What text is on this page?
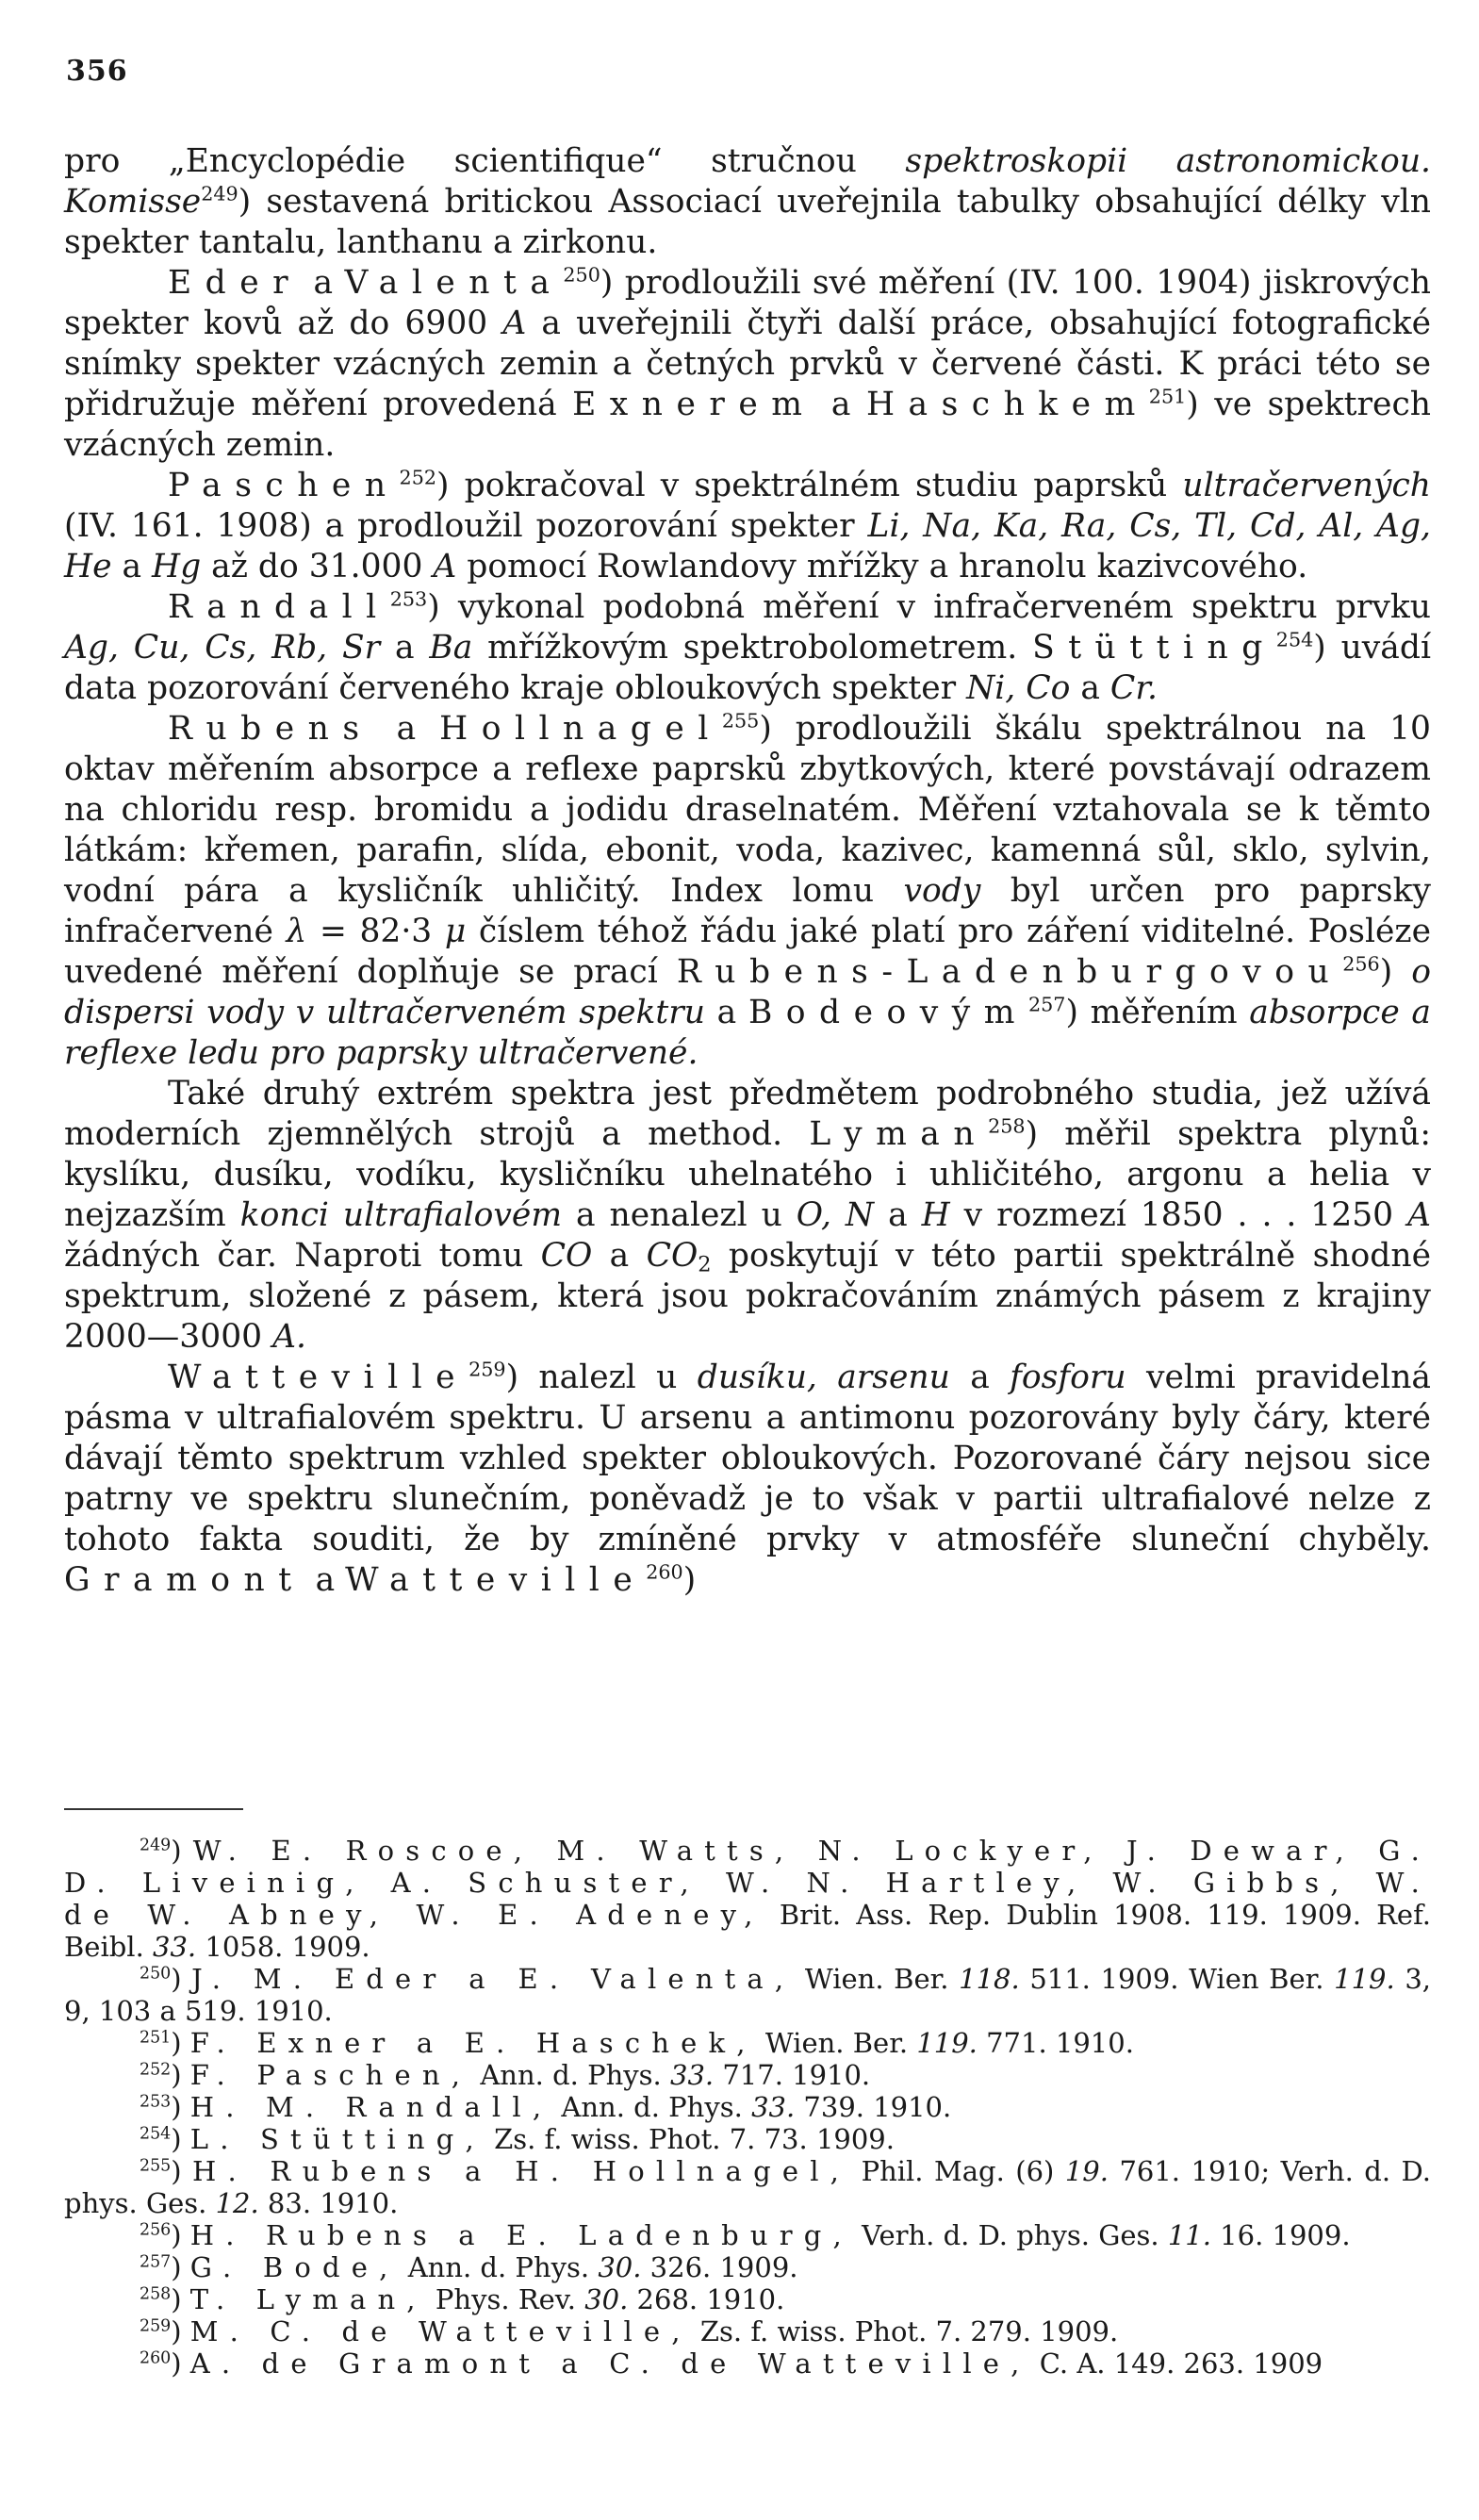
356

pro „Encyclopédie scientifique“ stručnou spektroskopii astronomickou. Komisse$^{249}$) sestavená britickou Associací uveřejnila tabulky obsahující délky vln spekter tantalu, lanthanu a zirkonu.

Eder a Valenta$^{250}$) prodloužili své měření (IV. 100. 1904) jiskrových spekter kovů až do 6900 A a uveřejnili čtyři další práce, obsahující fotografické snímky spekter vzácných zemin a četných prvků v červené části. K práci této se přidružuje měření provedená Exnerem a Haschkem$^{251}$) ve spektrech vzácných zemin.

Paschen$^{252}$) pokračoval v spektrálném studiu paprsků ultračervených (IV. 161. 1908) a prodloužil pozorování spekter Li, Na, Ka, Ra, Cs, Tl, Cd, Al, Ag, He a Hg až do 31.000 A pomocí Rowlandovy mřížky a hranolu kazivcového.

Randall$^{253}$) vykonal podobná měření v infračerveném spektru prvku Ag, Cu, Cs, Rb, Sr a Ba mřížkovým spektrobolometrem. Stütting$^{254}$) uvádí data pozorování červeného kraje obloukových spekter Ni, Co a Cr.

Rubens a Hollnagel$^{255}$) prodloužili škálu spektrálnou na 10 oktav měřením absorpce a reflexe paprsků zbytkových, které povstávají odrazem na chloridu resp. bromidu a jodidu draselnatém. Měření vztahovala se k těmto látkám: křemen, parafin, slída, ebonit, voda, kazivec, kamenná sůl, sklo, sylvin, vodní pára a kysličník uhličitý. Index lomu vody byl určen pro paprsky infračervené λ = 82·3 μ číslem téhož řádu jaké platí pro záření viditelné. Posléze uvedené měření doplňuje se prací Rubens-Ladenburgovou$^{256}$) o dispersi vody v ultračerveném spektru a Bodeovým$^{257}$) měřením absorpce a reflexe ledu pro paprsky ultračervené.

Také druhý extrém spektra jest předmětem podrobného studia, jež užívá moderních zjemnělých strojů a method. Lyman$^{258}$) měřil spektra plynů: kyslíku, dusíku, vodíku, kysličníku uhelnatého i uhličitého, argonu a helia v nejzazším konci ultrafialovém a nenalezl u O, N a H v rozmezí 1850 . . . 1250 A žádných čar. Naproti tomu CO a $CO_2$ poskytují v této partii spektrálně shodné spektrum, složené z pásem, která jsou pokračováním známých pásem z krajiny 2000—3000 A.

Watteville$^{259}$) nalezl u dusíku, arsenu a fosforu velmi pravidelná pásma v ultrafialovém spektru. U arsenu a antimonu pozorovány byly čáry, které dávají těmto spektrum vzhled spekter obloukových. Pozorované čáry nejsou sice patrny ve spektru slunečním, poněvadž je to však v partii ultrafialové nelze z tohoto fakta souditi, že by zmíněné prvky v atmosféře sluneční chyběly. Gramont a Watteville$^{260}$)

$^{249}$) W. E. Roscoe, M. Watts, N. Lockyer, J. Dewar, G. D. Liveinig, A. Schuster, W. N. Hartley, W. Gibbs, W. de W. Abney, W. E. Adeney, Brit. Ass. Rep. Dublin 1908. 119. 1909. Ref. Beibl. 33. 1058. 1909.

$^{250}$) J. M. Eder a E. Valenta, Wien. Ber. 118. 511. 1909. Wien Ber. 119. 3, 9, 103 a 519. 1910.

$^{251}$) F. Exner a E. Haschek, Wien. Ber. 119. 771. 1910.

$^{252}$) F. Paschen, Ann. d. Phys. 33. 717. 1910.

$^{253}$) H. M. Randall, Ann. d. Phys. 33. 739. 1910.

$^{254}$) L. Stütting, Zs. f. wiss. Phot. 7. 73. 1909.

$^{255}$) H. Rubens a H. Hollnagel, Phil. Mag. (6) 19. 761. 1910; Verh. d. D. phys. Ges. 12. 83. 1910.

$^{256}$) H. Rubens a E. Ladenburg, Verh. d. D. phys. Ges. 11. 16. 1909.

$^{257}$) G. Bode, Ann. d. Phys. 30. 326. 1909.

$^{258}$) T. Lyman, Phys. Rev. 30. 268. 1910.

$^{259}$) M. C. de Watteville, Zs. f. wiss. Phot. 7. 279. 1909.

$^{260}$) A. de Gramont a C. de Watteville, C. A. 149. 263. 1909
